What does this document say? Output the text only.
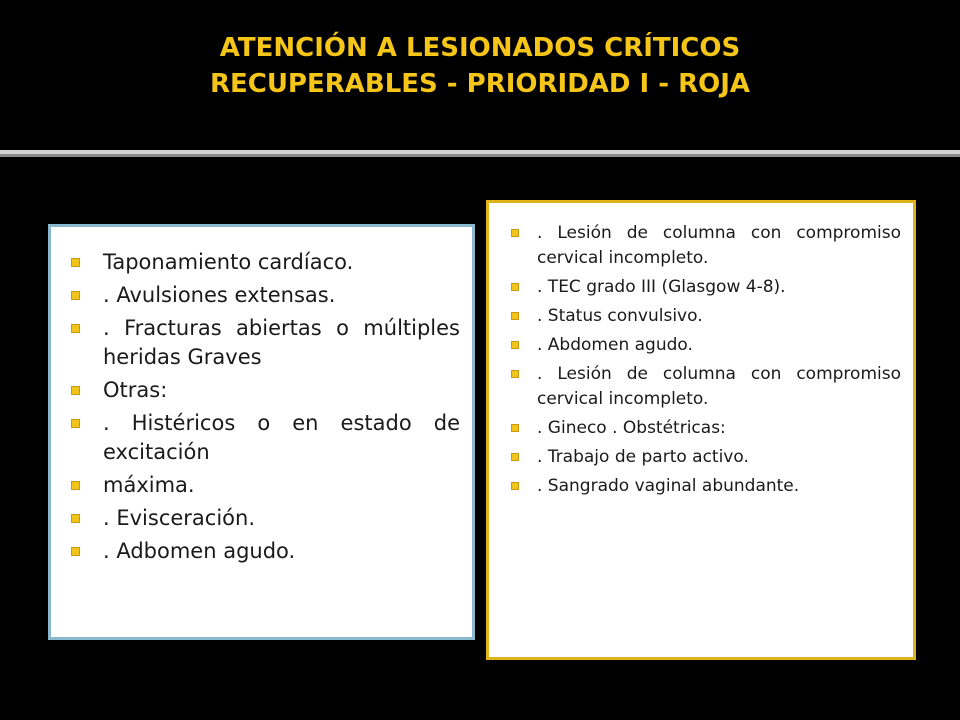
ATENCIÓN A LESIONADOS CRÍTICOS
RECUPERABLES - PRIORIDAD I - ROJA
Taponamiento cardíaco.
. Avulsiones extensas.
. Fracturas abiertas o múltiples heridas Graves
Otras:
. Histéricos o en estado de excitación
máxima.
. Evisceración.
. Adbomen agudo.
. Lesión de columna con compromiso cervical incompleto.
. TEC grado III (Glasgow 4-8).
. Status convulsivo.
. Abdomen agudo.
. Lesión de columna con compromiso cervical incompleto.
. Gineco . Obstétricas:
. Trabajo de parto activo.
. Sangrado vaginal abundante.
